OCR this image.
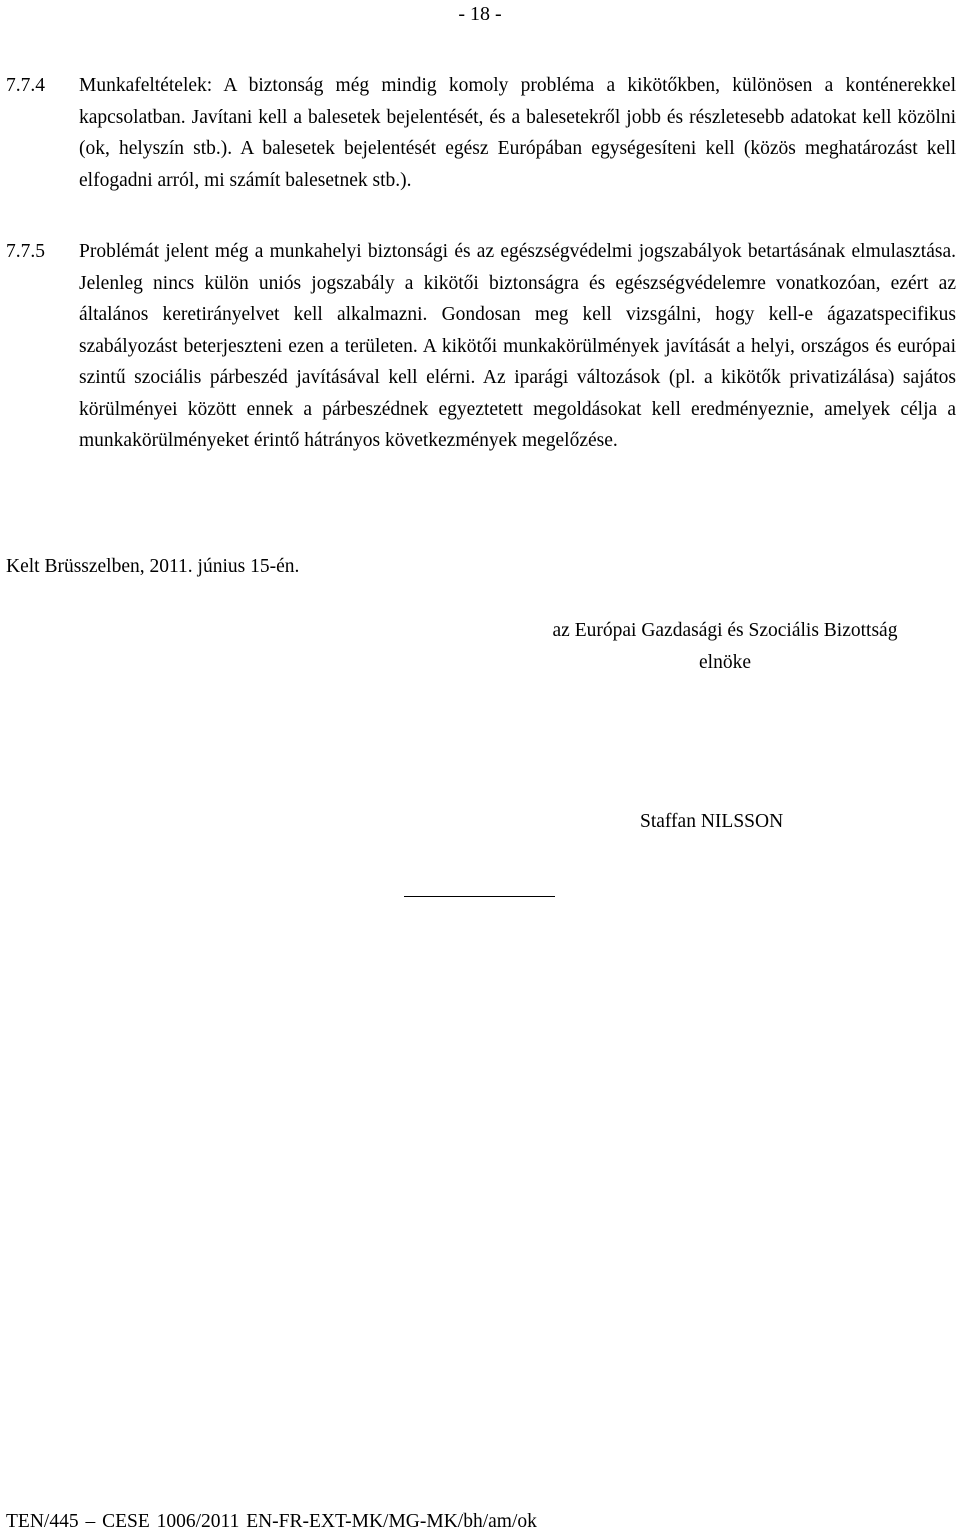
- 18 -
7.7.4 Munkafeltételek: A biztonság még mindig komoly probléma a kikötőkben, különösen a konténerekkel kapcsolatban. Javítani kell a balesetek bejelentését, és a balesetekről jobb és részletesebb adatokat kell közölni (ok, helyszín stb.). A balesetek bejelentését egész Európában egységesíteni kell (közös meghatározást kell elfogadni arról, mi számít balesetnek stb.).
7.7.5 Problémát jelent még a munkahelyi biztonsági és az egészségvédelmi jogszabályok betartásának elmulasztása. Jelenleg nincs külön uniós jogszabály a kikötői biztonságra és egészségvédelemre vonatkozóan, ezért az általános keretirányelvet kell alkalmazni. Gondosan meg kell vizsgálni, hogy kell-e ágazatspecifikus szabályozást beterjeszteni ezen a területen. A kikötői munkakörülmények javítását a helyi, országos és európai szintű szociális párbeszéd javításával kell elérni. Az iparági változások (pl. a kikötők privatizálása) sajátos körülményei között ennek a párbeszédnek egyeztetett megoldásokat kell eredményeznie, amelyek célja a munkakörülményeket érintő hátrányos következmények megelőzése.
Kelt Brüsszelben, 2011. június 15-én.
az Európai Gazdasági és Szociális Bizottság
elnöke
Staffan NILSSON
TEN/445 – CESE 1006/2011 EN-FR-EXT-MK/MG-MK/bh/am/ok
